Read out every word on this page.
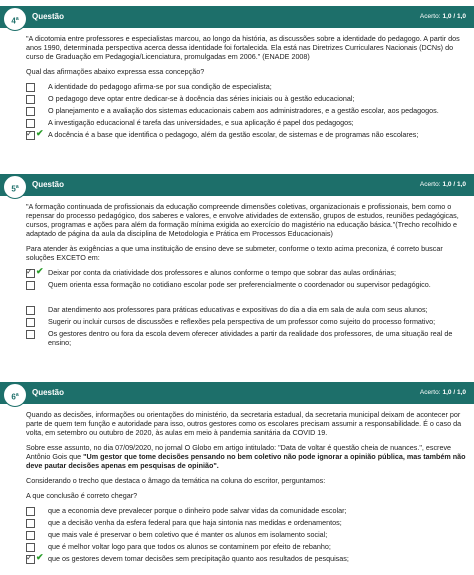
4$^a$	Questão	Acerto: 1,0 / 1,0

"A dicotomia entre professores e especialistas marcou, ao longo da história, as discussões sobre a identidade do pedagogo. A partir dos anos 1990, determinada perspectiva acerca dessa identidade foi fortalecida. Ela está nas Diretrizes Curriculares Nacionais (DCNs) do curso de Graduação em Pedagogia/Licenciatura, promulgadas em 2006." (ENADE 2008)

Qual das afirmações abaixo expressa essa concepção?

A identidade do pedagogo afirma-se por sua condição de especialista;
O pedagogo deve optar entre dedicar-se à docência das séries iniciais ou à gestão educacional;
O planejamento e a avaliação dos sistemas educacionais cabem aos administradores, e a gestão escolar, aos pedagogos.
A investigação educacional é tarefa das universidades, e sua aplicação é papel dos pedagogos;
✓
✔ A docência é a base que identifica o pedagogo, além da gestão escolar, de sistemas e de programas não escolares;
5$^a$	Questão	Acerto: 1,0 / 1,0

"A formação continuada de profissionais da educação compreende dimensões coletivas, organizacionais e profissionais, bem como o repensar do processo pedagógico, dos saberes e valores, e envolve atividades de extensão, grupos de estudos, reuniões pedagógicas, cursos, programas e ações para além da formação mínima exigida ao exercício do magistério na educação básica."(Trecho recolhido e adaptado de página da aula da disciplina de Metodologia e Prática em Processos Educacionais)

Para atender às exigências a que uma instituição de ensino deve se submeter, conforme o texto acima preconiza, é correto buscar soluções EXCETO em:

✓
✔ Deixar por conta da criatividade dos professores e alunos conforme o tempo que sobrar das aulas ordinárias;
Quem orienta essa formação no cotidiano escolar pode ser preferencialmente o coordenador ou supervisor pedagógico.
Dar atendimento aos professores para práticas educativas e expositivas do dia a dia em sala de aula com seus alunos;
Sugerir ou incluir cursos de discussões e reflexões pela perspectiva de um professor como sujeito do processo formativo;
Os gestores dentro ou fora da escola devem oferecer atividades a partir da realidade dos professores, de uma situação real de ensino;
6$^a$	Questão	Acerto: 1,0 / 1,0

Quando as decisões, informações ou orientações do ministério, da secretaria estadual, da secretaria municipal deixam de acontecer por parte de quem tem função e autoridade para isso, outros gestores como os escolares precisam assumir a responsabilidade. É o caso da volta, em setembro ou outubro de 2020, às aulas em meio à pandemia sanitária da COVID 19.

Sobre esse assunto, no dia 07/09/2020, no jornal O Globo em artigo intitulado: "Data de voltar é questão cheia de nuances.", escreve Antônio Gois que "Um gestor que tome decisões pensando no bem coletivo não pode ignorar a opinião pública, mas também não deve pautar decisões apenas em pesquisas de opinião".

Considerando o trecho que destaca o âmago da temática na coluna do escritor, perguntamos:

A que conclusão é correto chegar?

que a economia deve prevalecer porque o dinheiro pode salvar vidas da comunidade escolar;
que a decisão venha da esfera federal para que haja sintonia nas medidas e ordenamentos;
que mais vale é preservar o bem coletivo que é manter os alunos em isolamento social;
que é melhor voltar logo para que todos os alunos se contaminem por efeito de rebanho;
✓
✔ que os gestores devem tomar decisões sem precipitação quanto aos resultados de pesquisas;
